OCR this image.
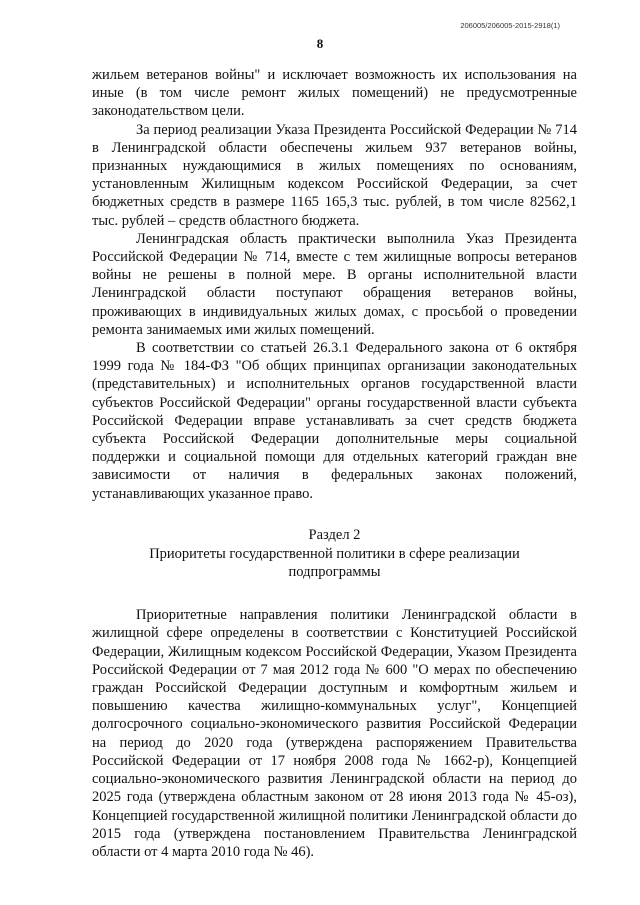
206005/206005-2015-2918(1)
8

жильем ветеранов войны" и исключает возможность их использования на иные (в том числе ремонт жилых помещений) не предусмотренные законодательством цели.

За период реализации Указа Президента Российской Федерации № 714 в Ленинградской области обеспечены жильем 937 ветеранов войны, признанных нуждающимися в жилых помещениях по основаниям, установленным Жилищным кодексом Российской Федерации, за счет бюджетных средств в размере 1165 165,3 тыс. рублей, в том числе 82562,1 тыс. рублей – средств областного бюджета.

Ленинградская область практически выполнила Указ Президента Российской Федерации № 714, вместе с тем жилищные вопросы ветеранов войны не решены в полной мере. В органы исполнительной власти Ленинградской области поступают обращения ветеранов войны, проживающих в индивидуальных жилых домах, с просьбой о проведении ремонта занимаемых ими жилых помещений.

В соответствии со статьей 26.3.1 Федерального закона от 6 октября 1999 года № 184-ФЗ "Об общих принципах организации законодательных (представительных) и исполнительных органов государственной власти субъектов Российской Федерации" органы государственной власти субъекта Российской Федерации вправе устанавливать за счет средств бюджета субъекта Российской Федерации дополнительные меры социальной поддержки и социальной помощи для отдельных категорий граждан вне зависимости от наличия в федеральных законах положений, устанавливающих указанное право.

Раздел 2
Приоритеты государственной политики в сфере реализации
подпрограммы

Приоритетные направления политики Ленинградской области в жилищной сфере определены в соответствии с Конституцией Российской Федерации, Жилищным кодексом Российской Федерации, Указом Президента Российской Федерации от 7 мая 2012 года № 600 "О мерах по обеспечению граждан Российской Федерации доступным и комфортным жильем и повышению качества жилищно-коммунальных услуг", Концепцией долгосрочного социально-экономического развития Российской Федерации на период до 2020 года (утверждена распоряжением Правительства Российской Федерации от 17 ноября 2008 года № 1662-р), Концепцией социально-экономического развития Ленинградской области на период до 2025 года (утверждена областным законом от 28 июня 2013 года № 45-оз), Концепцией государственной жилищной политики Ленинградской области до 2015 года (утверждена постановлением Правительства Ленинградской области от 4 марта 2010 года № 46).
